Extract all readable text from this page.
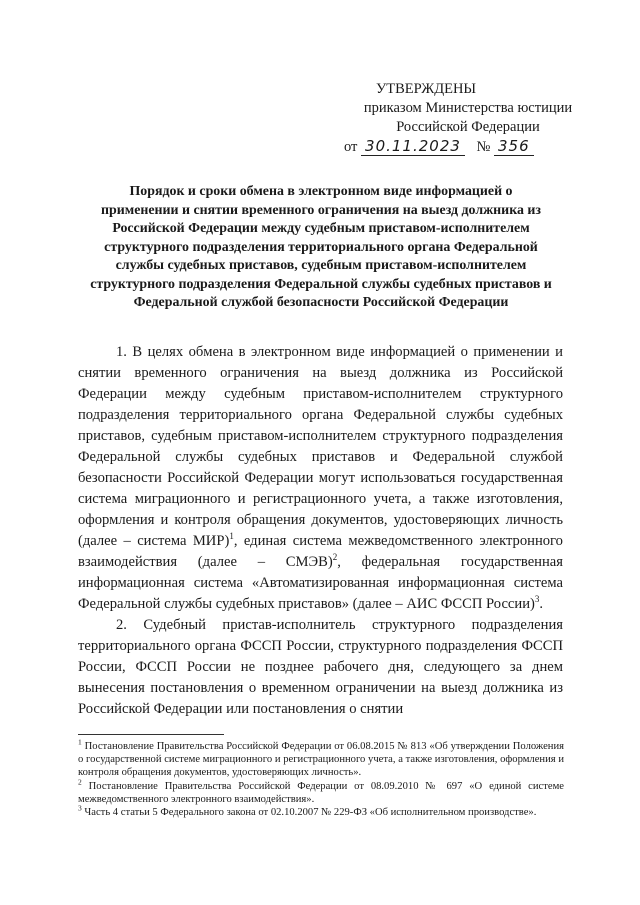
УТВЕРЖДЕНЫ
приказом Министерства юстиции
Российской Федерации
от 30.11.2023 № 356
Порядок и сроки обмена в электронном виде информацией о применении и снятии временного ограничения на выезд должника из Российской Федерации между судебным приставом-исполнителем структурного подразделения территориального органа Федеральной службы судебных приставов, судебным приставом-исполнителем структурного подразделения Федеральной службы судебных приставов и Федеральной службой безопасности Российской Федерации

1. В целях обмена в электронном виде информацией о применении и снятии временного ограничения на выезд должника из Российской Федерации между судебным приставом-исполнителем структурного подразделения территориального органа Федеральной службы судебных приставов, судебным приставом-исполнителем структурного подразделения Федеральной службы судебных приставов и Федеральной службой безопасности Российской Федерации могут использоваться государственная система миграционного и регистрационного учета, а также изготовления, оформления и контроля обращения документов, удостоверяющих личность (далее – система МИР)$^1$, единая система межведомственного электронного взаимодействия (далее – СМЭВ)$^2$, федеральная государственная информационная система «Автоматизированная информационная система Федеральной службы судебных приставов» (далее – АИС ФССП России)$^3$.

2. Судебный пристав-исполнитель структурного подразделения территориального органа ФССП России, структурного подразделения ФССП России, ФССП России не позднее рабочего дня, следующего за днем вынесения постановления о временном ограничении на выезд должника из Российской Федерации или постановления о снятии

$^1$ Постановление Правительства Российской Федерации от 06.08.2015 № 813 «Об утверждении Положения о государственной системе миграционного и регистрационного учета, а также изготовления, оформления и контроля обращения документов, удостоверяющих личность».

$^2$ Постановление Правительства Российской Федерации от 08.09.2010 № 697 «О единой системе межведомственного электронного взаимодействия».

$^3$ Часть 4 статьи 5 Федерального закона от 02.10.2007 № 229-ФЗ «Об исполнительном производстве».
